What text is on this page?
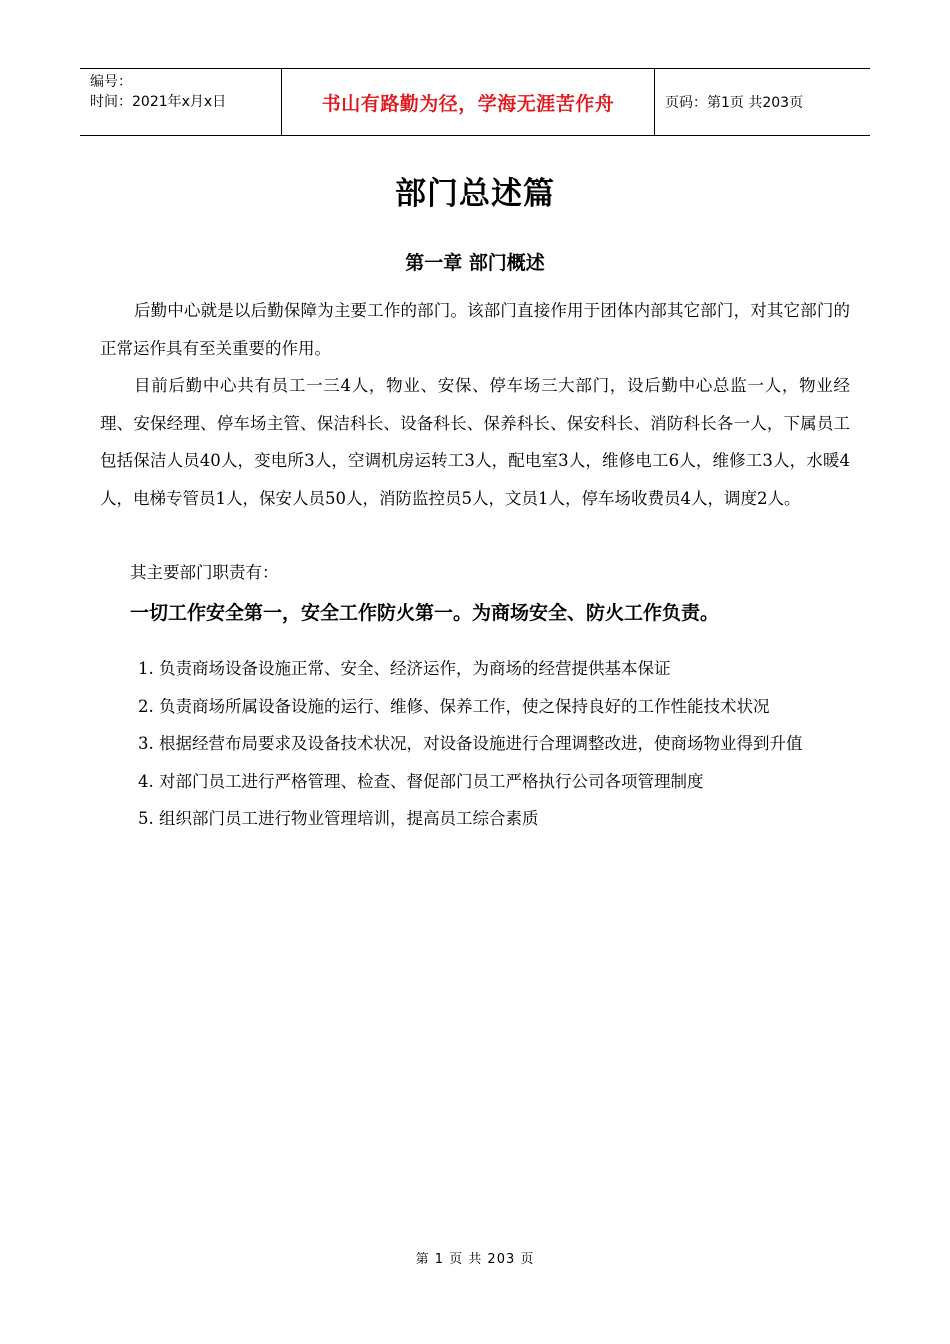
编号：
时间：2021年x月x日	书山有路勤为径，学海无涯苦作舟	页码：第1页 共203页
部门总述篇
第一章 部门概述

后勤中心就是以后勤保障为主要工作的部门。该部门直接作用于团体内部其它部门，对其它部门的正常运作具有至关重要的作用。

目前后勤中心共有员工一三4人，物业、安保、停车场三大部门，设后勤中心总监一人，物业经理、安保经理、停车场主管、保洁科长、设备科长、保养科长、保安科长、消防科长各一人，下属员工包括保洁人员40人，变电所3人，空调机房运转工3人，配电室3人，维修电工6人，维修工3人，水暖4人，电梯专管员1人，保安人员50人，消防监控员5人，文员1人，停车场收费员4人，调度2人。

其主要部门职责有：

一切工作安全第一，安全工作防火第一。为商场安全、防火工作负责。
1. 负责商场设备设施正常、安全、经济运作，为商场的经营提供基本保证
2. 负责商场所属设备设施的运行、维修、保养工作，使之保持良好的工作性能技术状况
3. 根据经营布局要求及设备技术状况，对设备设施进行合理调整改进，使商场物业得到升值
4. 对部门员工进行严格管理、检查、督促部门员工严格执行公司各项管理制度
5. 组织部门员工进行物业管理培训，提高员工综合素质
第 1 页 共 203 页
